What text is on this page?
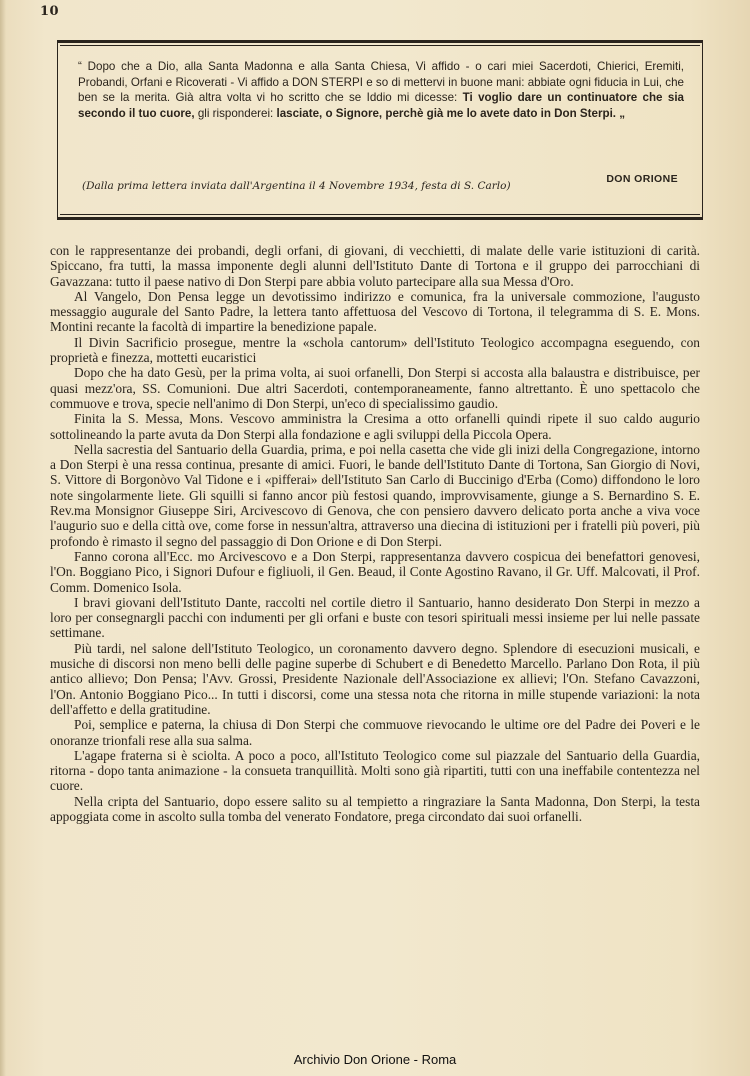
10
“ Dopo che a Dio, alla Santa Madonna e alla Santa Chiesa, Vi affido - o cari miei Sacerdoti, Chierici, Eremiti, Probandi, Orfani e Ricoverati - Vi affido a DON STERPI e so di mettervi in buone mani: abbiate ogni fiducia in Lui, che ben se la merita. Già altra volta vi ho scritto che se Iddio mi dicesse: Ti voglio dare un continuatore che sia secondo il tuo cuore, gli risponderei: lasciate, o Signore, perchè già me lo avete dato in Don Sterpi. „
DON ORIONE
(Dalla prima lettera inviata dall'Argentina il 4 Novembre 1934, festa di S. Carlo)

con le rappresentanze dei probandi, degli orfani, di giovani, di vecchietti, di malate delle varie istituzioni di carità. Spiccano, fra tutti, la massa imponente degli alunni dell'Istituto Dante di Tortona e il gruppo dei parrocchiani di Gavazzana: tutto il paese nativo di Don Sterpi pare abbia voluto partecipare alla sua Messa d'Oro.

Al Vangelo, Don Pensa legge un devotissimo indirizzo e comunica, fra la universale commozione, l'augusto messaggio augurale del Santo Padre, la lettera tanto affettuosa del Vescovo di Tortona, il telegramma di S. E. Mons. Montini recante la facoltà di impartire la benedizione papale.

Il Divin Sacrificio prosegue, mentre la «schola cantorum» dell'Istituto Teologico accompagna eseguendo, con proprietà e finezza, mottetti eucaristici

Dopo che ha dato Gesù, per la prima volta, ai suoi orfanelli, Don Sterpi si accosta alla balaustra e distribuisce, per quasi mezz'ora, SS. Comunioni. Due altri Sacerdoti, contemporaneamente, fanno altrettanto. È uno spettacolo che commuove e trova, specie nell'animo di Don Sterpi, un'eco di specialissimo gaudio.

Finita la S. Messa, Mons. Vescovo amministra la Cresima a otto orfanelli quindi ripete il suo caldo augurio sottolineando la parte avuta da Don Sterpi alla fondazione e agli sviluppi della Piccola Opera.

Nella sacrestia del Santuario della Guardia, prima, e poi nella casetta che vide gli inizi della Congregazione, intorno a Don Sterpi è una ressa continua, presante di amici. Fuori, le bande dell'Istituto Dante di Tortona, San Giorgio di Novi, S. Vittore di Borgonòvo Val Tidone e i «pifferai» dell'Istituto San Carlo di Buccinigo d'Erba (Como) diffondono le loro note singolarmente liete. Gli squilli si fanno ancor più festosi quando, improvvisamente, giunge a S. Bernardino S. E. Rev.ma Monsignor Giuseppe Siri, Arcivescovo di Genova, che con pensiero davvero delicato porta anche a viva voce l'augurio suo e della città ove, come forse in nessun'altra, attraverso una diecina di istituzioni per i fratelli più poveri, più profondo è rimasto il segno del passaggio di Don Orione e di Don Sterpi.

Fanno corona all'Ecc. mo Arcivescovo e a Don Sterpi, rappresentanza davvero cospicua dei benefattori genovesi, l'On. Boggiano Pico, i Signori Dufour e figliuoli, il Gen. Beaud, il Conte Agostino Ravano, il Gr. Uff. Malcovati, il Prof. Comm. Domenico Isola.

I bravi giovani dell'Istituto Dante, raccolti nel cortile dietro il Santuario, hanno desiderato Don Sterpi in mezzo a loro per consegnargli pacchi con indumenti per gli orfani e buste con tesori spirituali messi insieme per lui nelle passate settimane.

Più tardi, nel salone dell'Istituto Teologico, un coronamento davvero degno. Splendore di esecuzioni musicali, e musiche di discorsi non meno belli delle pagine superbe di Schubert e di Benedetto Marcello. Parlano Don Rota, il più antico allievo; Don Pensa; l'Avv. Grossi, Presidente Nazionale dell'Associazione ex allievi; l'On. Stefano Cavazzoni, l'On. Antonio Boggiano Pico... In tutti i discorsi, come una stessa nota che ritorna in mille stupende variazioni: la nota dell'affetto e della gratitudine.

Poi, semplice e paterna, la chiusa di Don Sterpi che commuove rievocando le ultime ore del Padre dei Poveri e le onoranze trionfali rese alla sua salma.

L'agape fraterna si è sciolta. A poco a poco, all'Istituto Teologico come sul piazzale del Santuario della Guardia, ritorna - dopo tanta animazione - la consueta tranquillità. Molti sono già ripartiti, tutti con una ineffabile contentezza nel cuore.

Nella cripta del Santuario, dopo essere salito su al tempietto a ringraziare la Santa Madonna, Don Sterpi, la testa appoggiata come in ascolto sulla tomba del venerato Fondatore, prega circondato dai suoi orfanelli.

Archivio Don Orione - Roma
